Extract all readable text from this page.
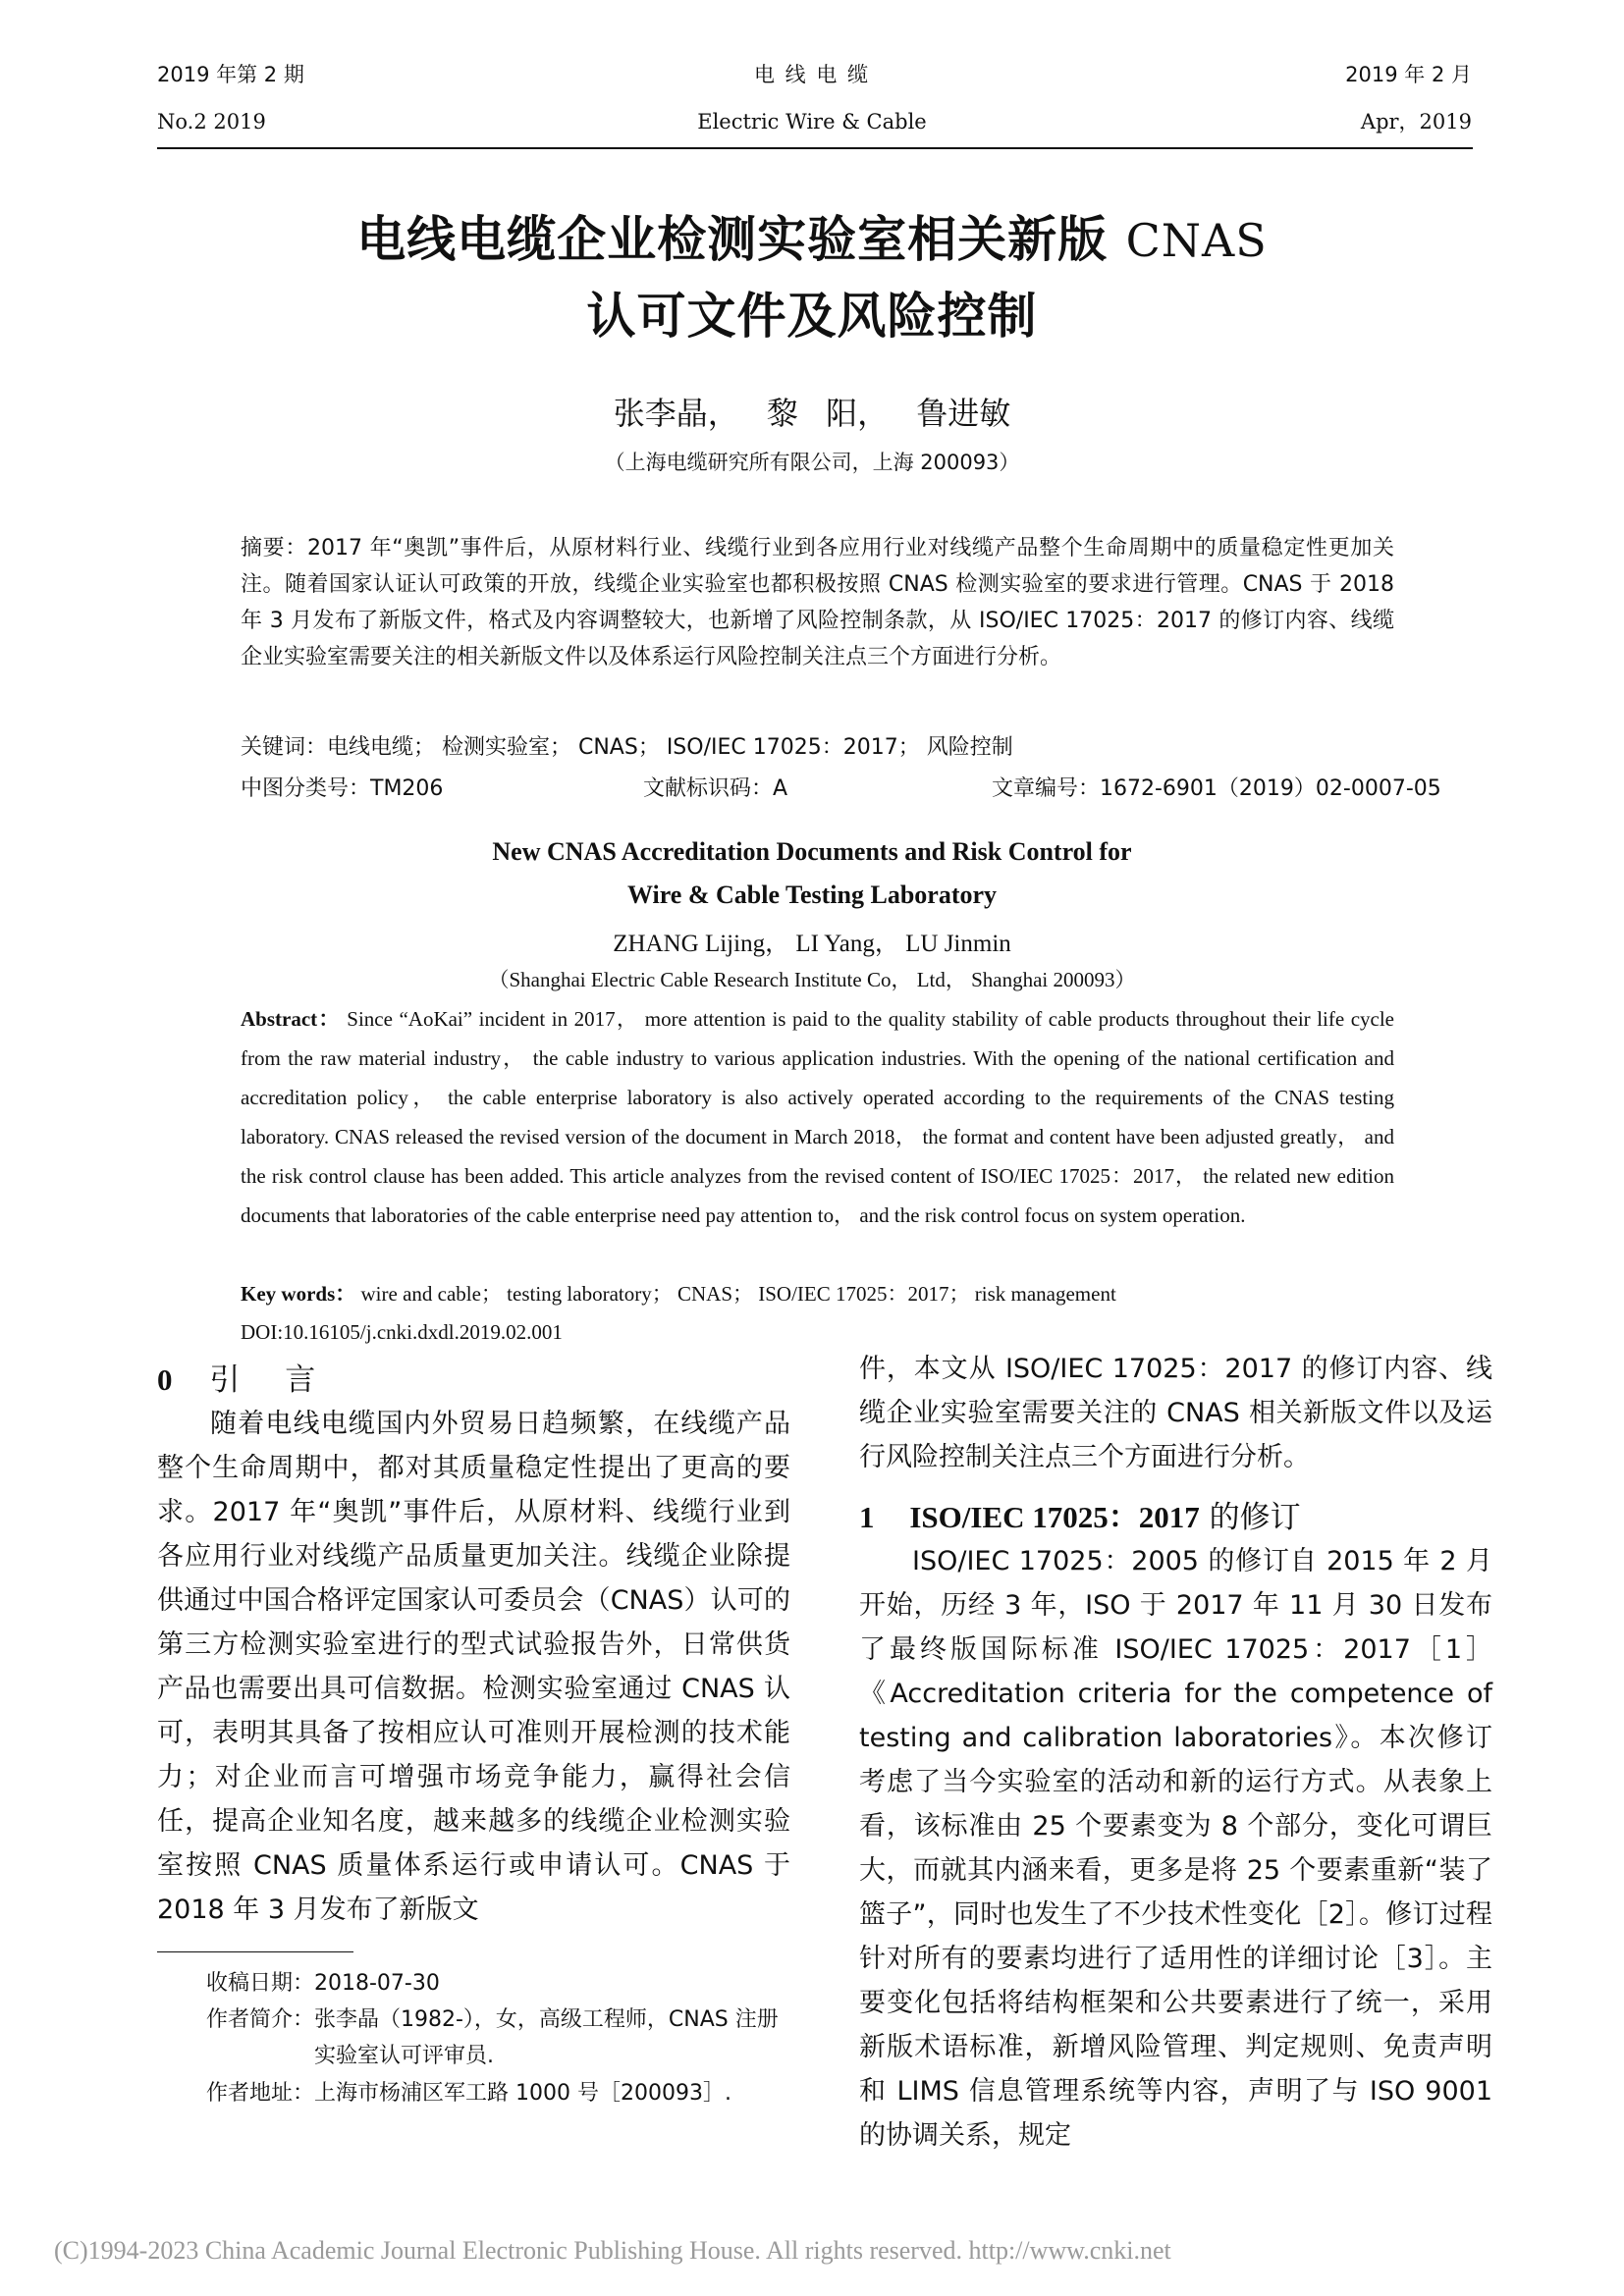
2019 年第 2 期
No.2 2019
电 线 电 缆
Electric Wire & Cable
2019 年 2 月
Apr，2019
电线电缆企业检测实验室相关新版 CNAS
认可文件及风险控制
张李晶， 黎 阳， 鲁进敏
（上海电缆研究所有限公司，上海 200093）
摘要：2017 年“奥凯”事件后，从原材料行业、线缆行业到各应用行业对线缆产品整个生命周期中的质量稳定性更加关注。随着国家认证认可政策的开放，线缆企业实验室也都积极按照 CNAS 检测实验室的要求进行管理。CNAS 于 2018 年 3 月发布了新版文件，格式及内容调整较大，也新增了风险控制条款，从 ISO/IEC 17025：2017 的修订内容、线缆企业实验室需要关注的相关新版文件以及体系运行风险控制关注点三个方面进行分析。
关键词：电线电缆； 检测实验室； CNAS； ISO/IEC 17025：2017； 风险控制
中图分类号：TM206	文献标识码：A	文章编号：1672-6901（2019）02-0007-05
New CNAS Accreditation Documents and Risk Control for
Wire & Cable Testing Laboratory
ZHANG Lijing， LI Yang， LU Jinmin
（Shanghai Electric Cable Research Institute Co， Ltd， Shanghai 200093）
Abstract： Since “AoKai” incident in 2017， more attention is paid to the quality stability of cable products throughout their life cycle from the raw material industry， the cable industry to various application industries. With the opening of the national certification and accreditation policy， the cable enterprise laboratory is also actively operated according to the requirements of the CNAS testing laboratory. CNAS released the revised version of the document in March 2018， the format and content have been adjusted greatly， and the risk control clause has been added. This article analyzes from the revised content of ISO/IEC 17025：2017， the related new edition documents that laboratories of the cable enterprise need pay attention to， and the risk control focus on system operation.
Key words： wire and cable； testing laboratory； CNAS； ISO/IEC 17025：2017； risk management
DOI:10.16105/j.cnki.dxdl.2019.02.001
0 引 言
随着电线电缆国内外贸易日趋频繁，在线缆产品整个生命周期中，都对其质量稳定性提出了更高的要求。2017 年“奥凯”事件后，从原材料、线缆行业到各应用行业对线缆产品质量更加关注。线缆企业除提供通过中国合格评定国家认可委员会（CNAS）认可的第三方检测实验室进行的型式试验报告外，日常供货产品也需要出具可信数据。检测实验室通过 CNAS 认可，表明其具备了按相应认可准则开展检测的技术能力；对企业而言可增强市场竞争能力，赢得社会信任，提高企业知名度，越来越多的线缆企业检测实验室按照 CNAS 质量体系运行或申请认可。CNAS 于 2018 年 3 月发布了新版文
收稿日期：2018-07-30
作者简介：张李晶（1982-），女，高级工程师，CNAS 注册
实验室认可评审员.
作者地址：上海市杨浦区军工路 1000 号［200093］.
件，本文从 ISO/IEC 17025：2017 的修订内容、线缆企业实验室需要关注的 CNAS 相关新版文件以及运行风险控制关注点三个方面进行分析。
1 ISO/IEC 17025：2017 的修订
ISO/IEC 17025：2005 的修订自 2015 年 2 月开始，历经 3 年，ISO 于 2017 年 11 月 30 日发布了最终版国际标准 ISO/IEC 17025：2017［1］《Accreditation criteria for the competence of testing and calibration laboratories》。本次修订考虑了当今实验室的活动和新的运行方式。从表象上看，该标准由 25 个要素变为 8 个部分，变化可谓巨大，而就其内涵来看，更多是将 25 个要素重新“装了篮子”，同时也发生了不少技术性变化［2］。修订过程针对所有的要素均进行了适用性的详细讨论［3］。主要变化包括将结构框架和公共要素进行了统一，采用新版术语标准，新增风险管理、判定规则、免责声明和 LIMS 信息管理系统等内容，声明了与 ISO 9001 的协调关系，规定
(C)1994-2023 China Academic Journal Electronic Publishing House. All rights reserved. http://www.cnki.net
